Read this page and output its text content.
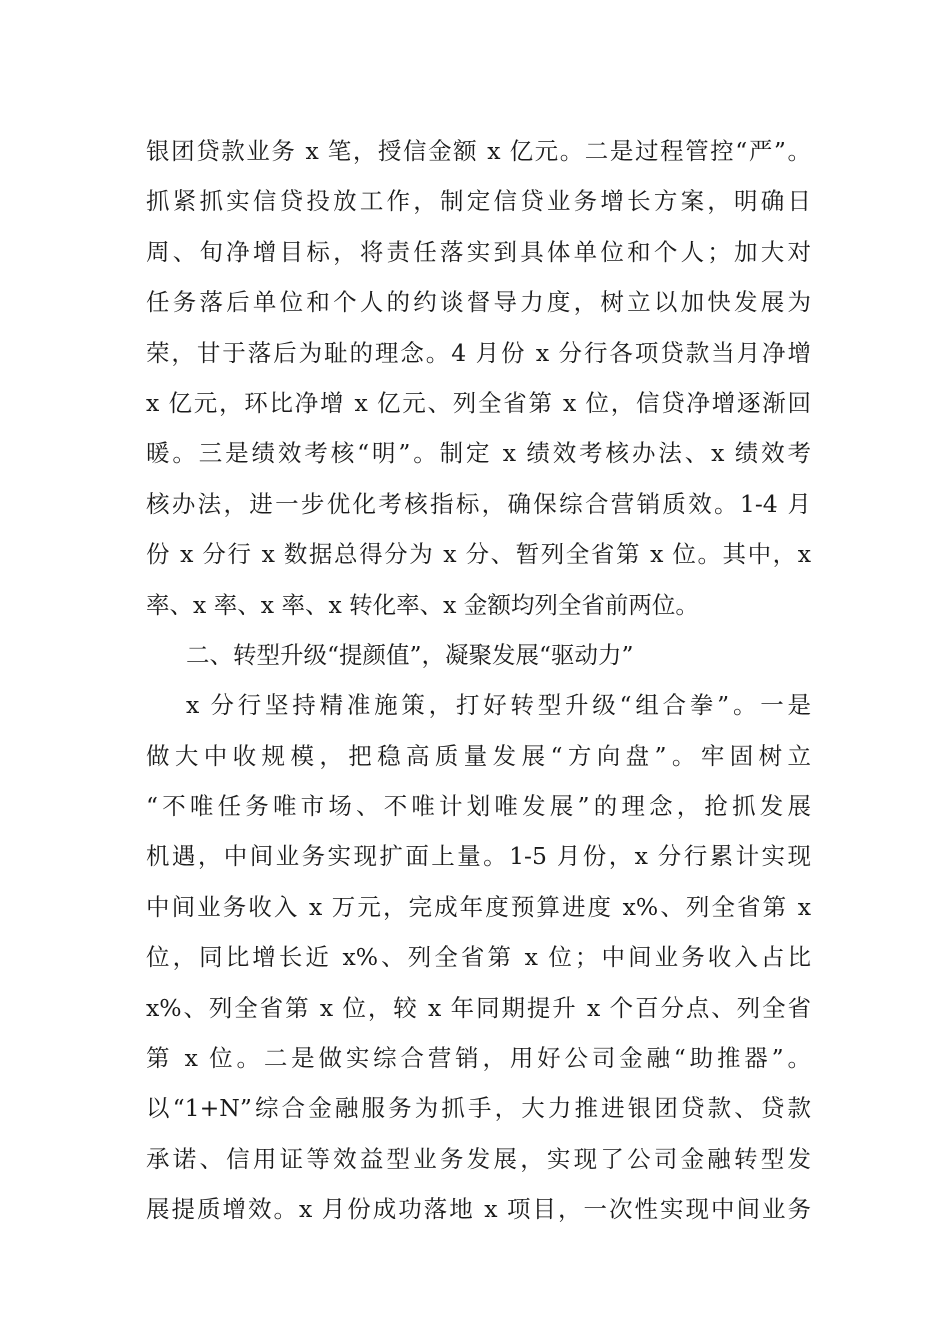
银团贷款业务 x 笔，授信金额 x 亿元。二是过程管控“严”。
抓紧抓实信贷投放工作，制定信贷业务增长方案，明确日
周、旬净增目标，将责任落实到具体单位和个人；加大对
任务落后单位和个人的约谈督导力度，树立以加快发展为
荣，甘于落后为耻的理念。4 月份 x 分行各项贷款当月净增
x 亿元，环比净增 x 亿元、列全省第 x 位，信贷净增逐渐回
暖。三是绩效考核“明”。制定 x 绩效考核办法、x 绩效考
核办法，进一步优化考核指标，确保综合营销质效。1-4 月
份 x 分行 x 数据总得分为 x 分、暂列全省第 x 位。其中，x
率、x 率、x 率、x 转化率、x 金额均列全省前两位。
二、转型升级“提颜值”，凝聚发展“驱动力”
x 分行坚持精准施策，打好转型升级“组合拳”。一是
做大中收规模，把稳高质量发展“方向盘”。牢固树立
“不唯任务唯市场、不唯计划唯发展”的理念，抢抓发展
机遇，中间业务实现扩面上量。1-5 月份，x 分行累计实现
中间业务收入 x 万元，完成年度预算进度 x%、列全省第 x
位，同比增长近 x%、列全省第 x 位；中间业务收入占比
x%、列全省第 x 位，较 x 年同期提升 x 个百分点、列全省
第 x 位。二是做实综合营销，用好公司金融“助推器”。
以“1+N”综合金融服务为抓手，大力推进银团贷款、贷款
承诺、信用证等效益型业务发展，实现了公司金融转型发
展提质增效。x 月份成功落地 x 项目，一次性实现中间业务
